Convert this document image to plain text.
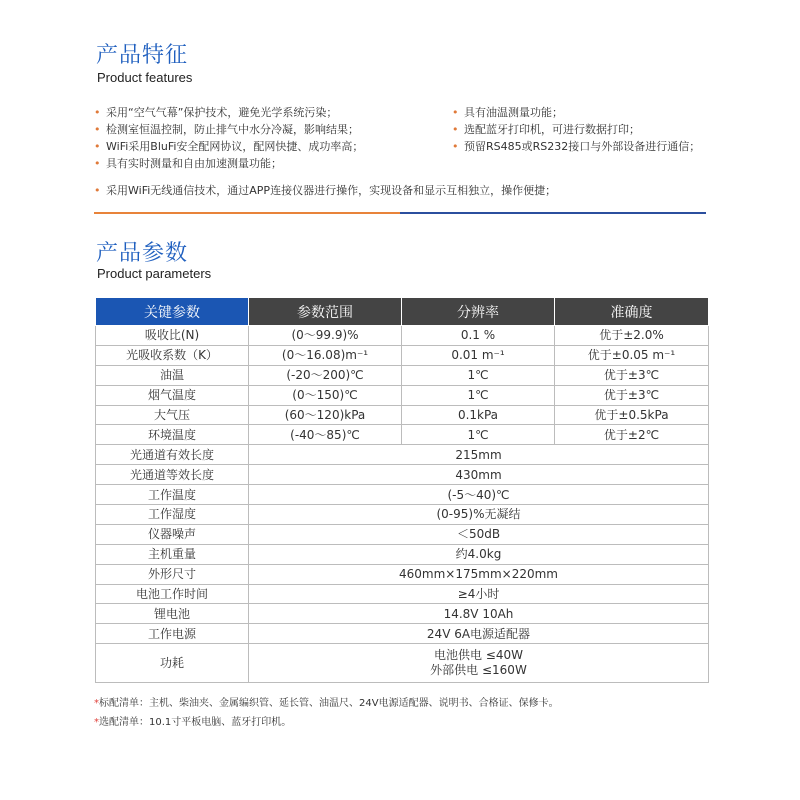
产品特征
Product features
• 采用“空气气幕”保护技术，避免光学系统污染；
• 检测室恒温控制，防止排气中水分冷凝，影响结果；
• WiFi采用BluFi安全配网协议，配网快捷、成功率高；
• 具有实时测量和自由加速测量功能；
• 具有油温测量功能；
• 选配蓝牙打印机，可进行数据打印；
• 预留RS485或RS232接口与外部设备进行通信；
• 采用WiFi无线通信技术，通过APP连接仪器进行操作，实现设备和显示互相独立，操作便捷；
产品参数
Product parameters
关键参数	参数范围	分辨率	准确度
吸收比(N)	(0～99.9)%	0.1 %	优于±2.0%
光吸收系数（K）	(0～16.08)m⁻¹	0.01 m⁻¹	优于±0.05 m⁻¹
油温	(-20～200)℃	1℃	优于±3℃
烟气温度	(0～150)℃	1℃	优于±3℃
大气压	(60～120)kPa	0.1kPa	优于±0.5kPa
环境温度	(-40～85)℃	1℃	优于±2℃
光通道有效长度	215mm		
光通道等效长度	430mm		
工作温度	(-5～40)℃		
工作湿度	(0-95)%无凝结		
仪器噪声	＜50dB		
主机重量	约4.0kg		
外形尺寸	460mm×175mm×220mm		
电池工作时间	≥4小时		
锂电池	14.8V 10Ah		
工作电源	24V 6A电源适配器		
功耗	电池供电 ≤40W
外部供电 ≤160W		
*标配清单：主机、柴油夹、金属编织管、延长管、油温尺、24V电源适配器、说明书、合格证、保修卡。
*选配清单：10.1寸平板电脑、蓝牙打印机。
